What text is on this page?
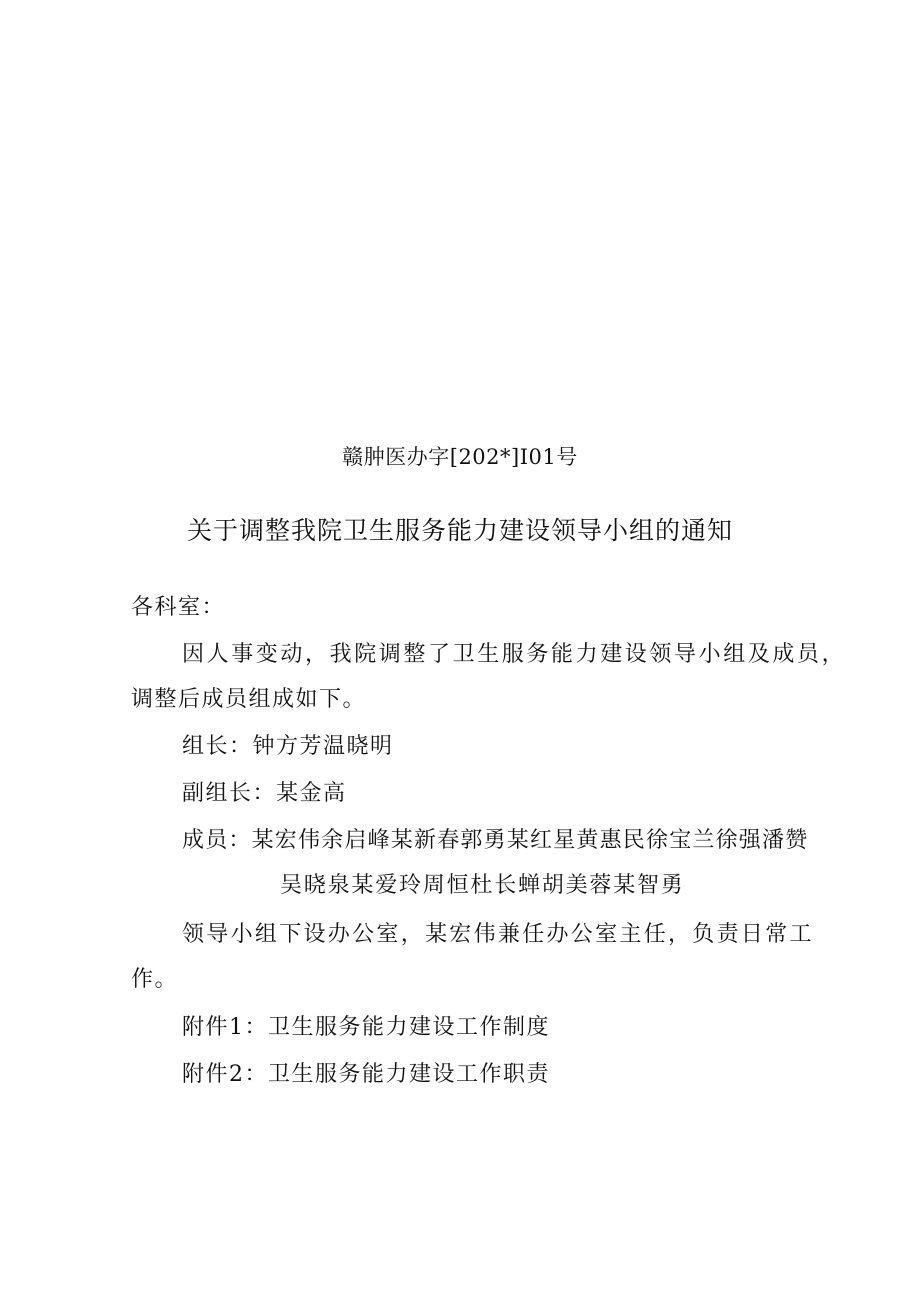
赣肿医办字[202*]I01号
关于调整我院卫生服务能力建设领导小组的通知
各科室：
因人事变动，我院调整了卫生服务能力建设领导小组及成员，
调整后成员组成如下。
组长：钟方芳温晓明
副组长：某金高
成员：某宏伟余启峰某新春郭勇某红星黄惠民徐宝兰徐强潘赞
吴晓泉某爱玲周恒杜长蝉胡美蓉某智勇
领导小组下设办公室，某宏伟兼任办公室主任，负责日常工
作。
附件1：卫生服务能力建设工作制度
附件2：卫生服务能力建设工作职责
